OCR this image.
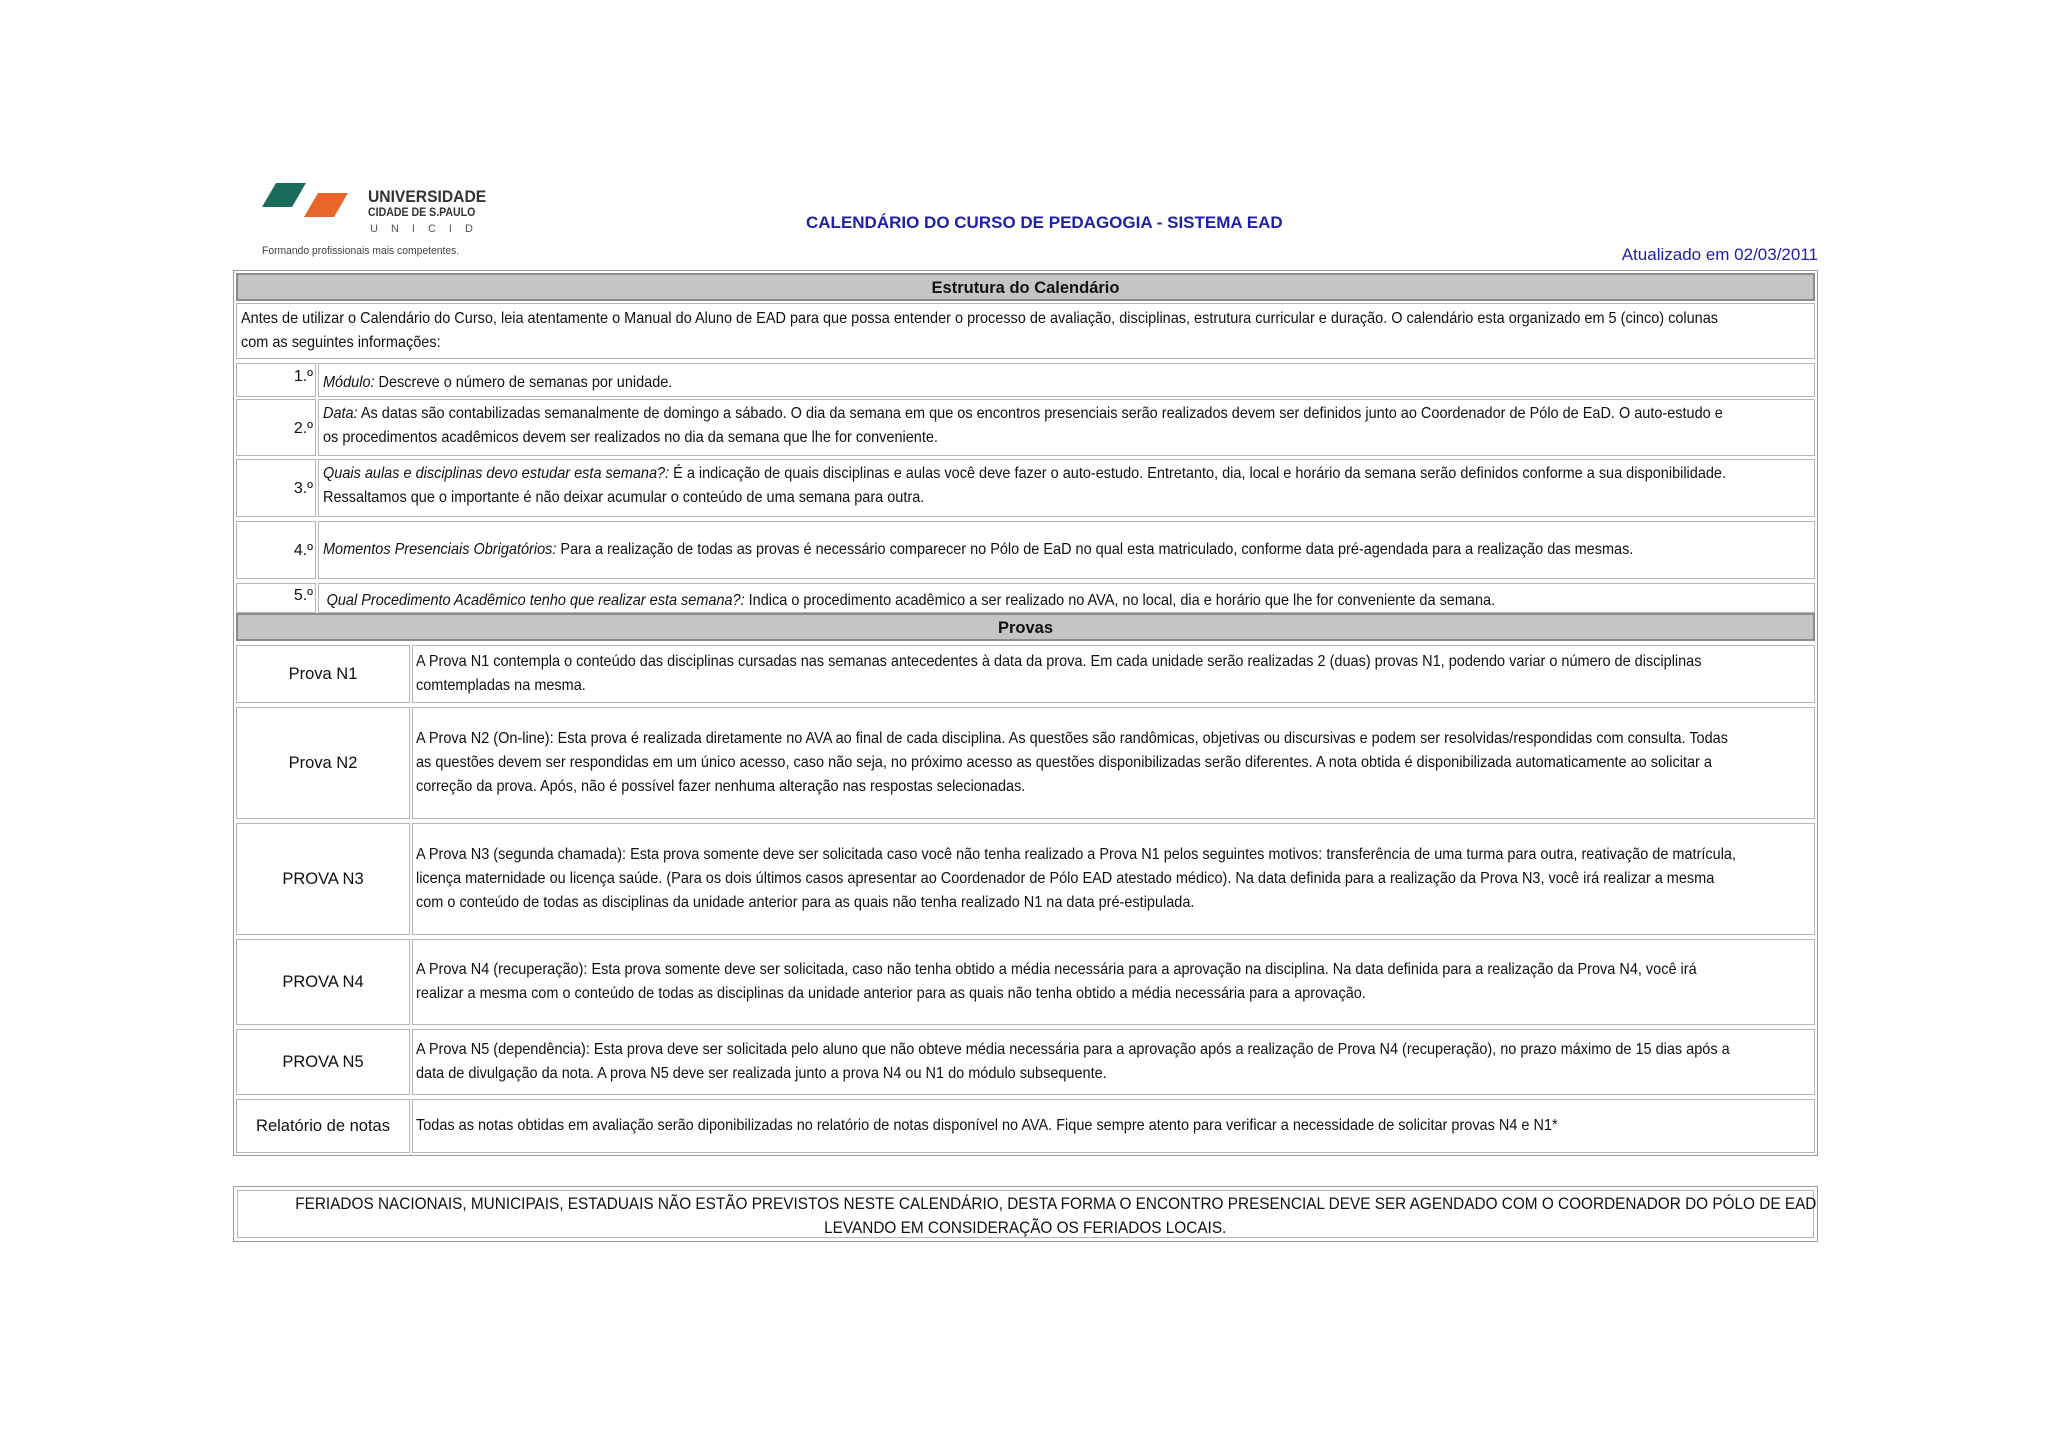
UNIVERSIDADE
CIDADE DE S.PAULO
UNICID
Formando profissionais mais competentes.
CALENDÁRIO DO CURSO DE PEDAGOGIA - SISTEMA EAD
Atualizado em 02/03/2011
Estrutura do Calendário
Antes de utilizar o Calendário do Curso, leia atentamente o Manual do Aluno de EAD para que possa entender o processo de avaliação, disciplinas, estrutura curricular e duração. O calendário esta organizado em 5 (cinco) colunas
com as seguintes informações:
1.º Módulo: Descreve o número de semanas por unidade.
2.º
Data: As datas são contabilizadas semanalmente de domingo a sábado. O dia da semana em que os encontros presenciais serão realizados devem ser definidos junto ao Coordenador de Pólo de EaD. O auto-estudo e
os procedimentos acadêmicos devem ser realizados no dia da semana que lhe for conveniente.
3.º
Quais aulas e disciplinas devo estudar esta semana?: É a indicação de quais disciplinas e aulas você deve fazer o auto-estudo. Entretanto, dia, local e horário da semana serão definidos conforme a sua disponibilidade.
Ressaltamos que o importante é não deixar acumular o conteúdo de uma semana para outra.
4.º Momentos Presenciais Obrigatórios: Para a realização de todas as provas é necessário comparecer no Pólo de EaD no qual esta matriculado, conforme data pré-agendada para a realização das mesmas.
5.º Qual Procedimento Acadêmico tenho que realizar esta semana?: Indica o procedimento acadêmico a ser realizado no AVA, no local, dia e horário que lhe for conveniente da semana.
Provas
Prova N1
A Prova N1 contempla o conteúdo das disciplinas cursadas nas semanas antecedentes à data da prova. Em cada unidade serão realizadas 2 (duas) provas N1, podendo variar o número de disciplinas
comtempladas na mesma.
Prova N2
A Prova N2 (On-line): Esta prova é realizada diretamente no AVA ao final de cada disciplina. As questões são randômicas, objetivas ou discursivas e podem ser resolvidas/respondidas com consulta. Todas
as questões devem ser respondidas em um único acesso, caso não seja, no próximo acesso as questões disponibilizadas serão diferentes. A nota obtida é disponibilizada automaticamente ao solicitar a
correção da prova. Após, não é possível fazer nenhuma alteração nas respostas selecionadas.
PROVA N3
A Prova N3 (segunda chamada): Esta prova somente deve ser solicitada caso você não tenha realizado a Prova N1 pelos seguintes motivos: transferência de uma turma para outra, reativação de matrícula,
licença maternidade ou licença saúde. (Para os dois últimos casos apresentar ao Coordenador de Pólo EAD atestado médico). Na data definida para a realização da Prova N3, você irá realizar a mesma
com o conteúdo de todas as disciplinas da unidade anterior para as quais não tenha realizado N1 na data pré-estipulada.
PROVA N4
A Prova N4 (recuperação): Esta prova somente deve ser solicitada, caso não tenha obtido a média necessária para a aprovação na disciplina. Na data definida para a realização da Prova N4, você irá
realizar a mesma com o conteúdo de todas as disciplinas da unidade anterior para as quais não tenha obtido a média necessária para a aprovação.
PROVA N5
A Prova N5 (dependência): Esta prova deve ser solicitada pelo aluno que não obteve média necessária para a aprovação após a realização de Prova N4 (recuperação), no prazo máximo de 15 dias após a
data de divulgação da nota. A prova N5 deve ser realizada junto a prova N4 ou N1 do módulo subsequente.
Relatório de notas	Todas as notas obtidas em avaliação serão diponibilizadas no relatório de notas disponível no AVA. Fique sempre atento para verificar a necessidade de solicitar provas N4 e N1*
FERIADOS NACIONAIS, MUNICIPAIS, ESTADUAIS NÃO ESTÃO PREVISTOS NESTE CALENDÁRIO, DESTA FORMA O ENCONTRO PRESENCIAL DEVE SER AGENDADO COM O COORDENADOR DO PÓLO DE EAD
LEVANDO EM CONSIDERAÇÃO OS FERIADOS LOCAIS.
